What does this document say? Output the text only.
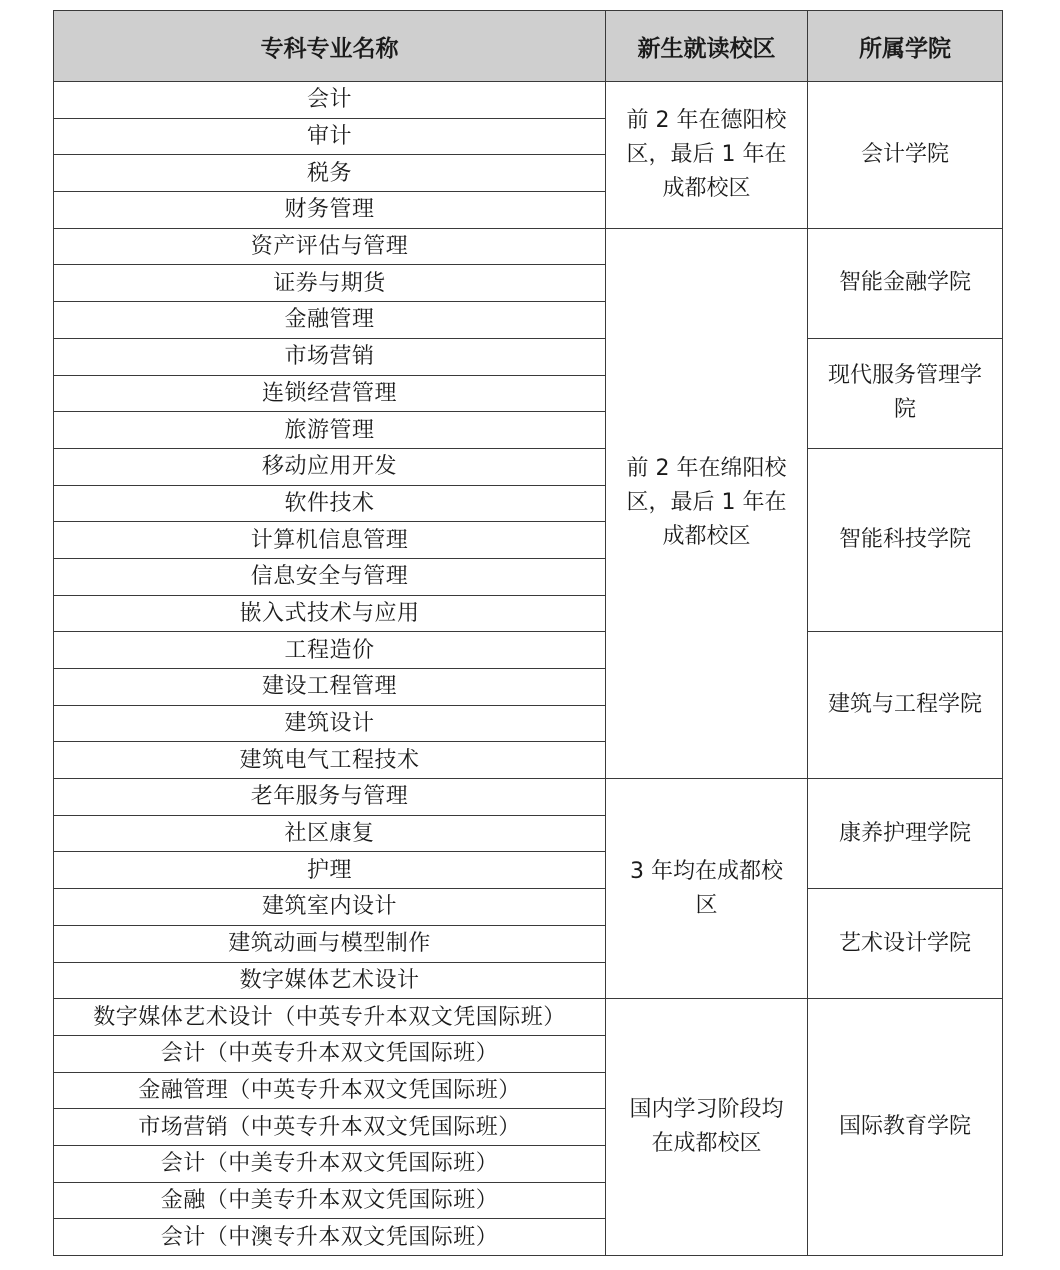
专科专业名称	新生就读校区	所属学院
会计	前 2 年在德阳校区，最后 1 年在成都校区	会计学院
审计		
税务		
财务管理		
资产评估与管理	前 2 年在绵阳校区，最后 1 年在成都校区	智能金融学院
证券与期货		
金融管理		
市场营销		现代服务管理学院
连锁经营管理		
旅游管理		
移动应用开发		智能科技学院
软件技术		
计算机信息管理		
信息安全与管理		
嵌入式技术与应用		
工程造价		建筑与工程学院
建设工程管理		
建筑设计		
建筑电气工程技术		
老年服务与管理	3 年均在成都校区	康养护理学院
社区康复		
护理		
建筑室内设计		艺术设计学院
建筑动画与模型制作		
数字媒体艺术设计		
数字媒体艺术设计（中英专升本双文凭国际班）	国内学习阶段均在成都校区	国际教育学院
会计（中英专升本双文凭国际班）		
金融管理（中英专升本双文凭国际班）		
市场营销（中英专升本双文凭国际班）		
会计（中美专升本双文凭国际班）		
金融（中美专升本双文凭国际班）		
会计（中澳专升本双文凭国际班）		
